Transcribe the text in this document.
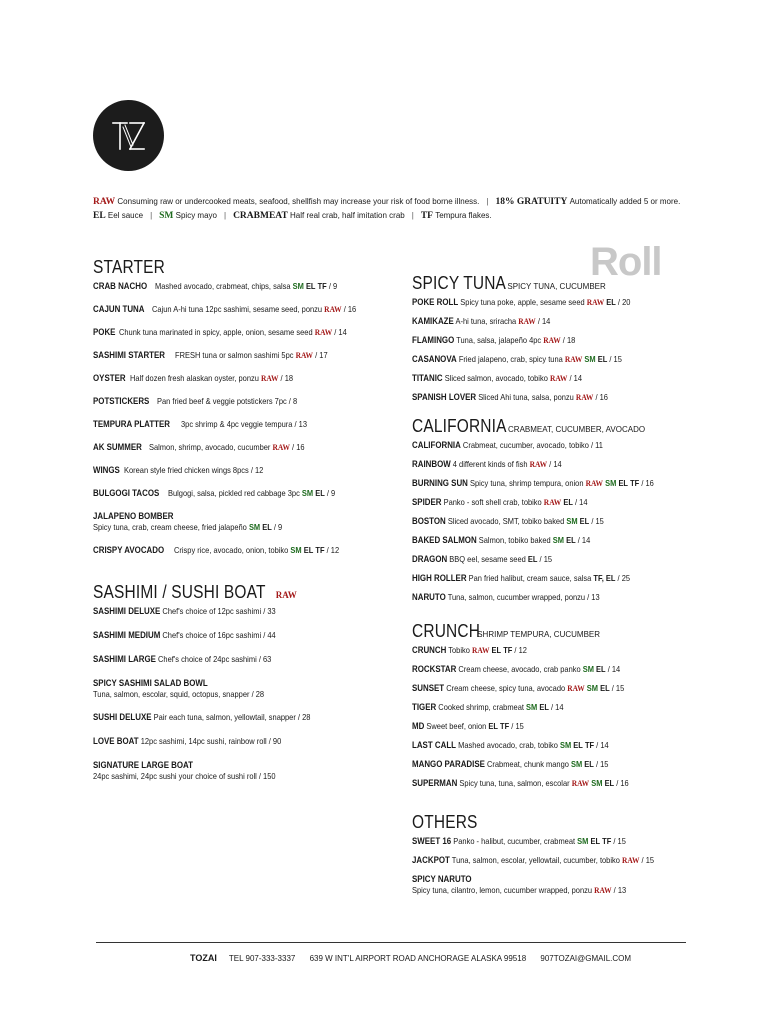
RAW Consuming raw or undercooked meats, seafood, shellfish may increase your risk of food borne illness. | 18% GRATUITY Automatically added 5 or more.
EL Eel sauce | SM Spicy mayo | CRABMEAT Half real crab, half imitation crab | TF Tempura flakes.
Roll
STARTER
CRAB NACHO Mashed avocado, crabmeat, chips, salsa SM EL TF / 9
CAJUN TUNA Cajun A-hi tuna 12pc sashimi, sesame seed, ponzu RAW / 16
POKE Chunk tuna marinated in spicy, apple, onion, sesame seed RAW / 14
SASHIMI STARTER FRESH tuna or salmon sashimi 5pc RAW / 17
OYSTER Half dozen fresh alaskan oyster, ponzu RAW / 18
POTSTICKERS Pan fried beef & veggie potstickers 7pc / 8
TEMPURA PLATTER 3pc shrimp & 4pc veggie tempura / 13
AK SUMMER Salmon, shrimp, avocado, cucumber RAW / 16
WINGS Korean style fried chicken wings 8pcs / 12
BULGOGI TACOS Bulgogi, salsa, pickled red cabbage 3pc SM EL / 9
JALAPENO BOMBER
Spicy tuna, crab, cream cheese, fried jalapeño SM EL / 9
CRISPY AVOCADO Crispy rice, avocado, onion, tobiko SM EL TF / 12
SASHIMI / SUSHI BOAT RAW
SASHIMI DELUXE Chef's choice of 12pc sashimi / 33
SASHIMI MEDIUM Chef's choice of 16pc sashimi / 44
SASHIMI LARGE Chef's choice of 24pc sashimi / 63
SPICY SASHIMI SALAD BOWL
Tuna, salmon, escolar, squid, octopus, snapper / 28
SUSHI DELUXE Pair each tuna, salmon, yellowtail, snapper / 28
LOVE BOAT 12pc sashimi, 14pc sushi, rainbow roll / 90
SIGNATURE LARGE BOAT
24pc sashimi, 24pc sushi your choice of sushi roll / 150
SPICY TUNASPICY TUNA, CUCUMBER
POKE ROLL Spicy tuna poke, apple, sesame seed RAW EL / 20
KAMIKAZE A-hi tuna, sriracha RAW / 14
FLAMINGO Tuna, salsa, jalapeño 4pc RAW / 18
CASANOVA Fried jalapeno, crab, spicy tuna RAW SM EL / 15
TITANIC Sliced salmon, avocado, tobiko RAW / 14
SPANISH LOVER Sliced Ahi tuna, salsa, ponzu RAW / 16
CALIFORNIACRABMEAT, CUCUMBER, AVOCADO
CALIFORNIA Crabmeat, cucumber, avocado, tobiko / 11
RAINBOW 4 different kinds of fish RAW / 14
BURNING SUN Spicy tuna, shrimp tempura, onion RAW SM EL TF / 16
SPIDER Panko - soft shell crab, tobiko RAW EL / 14
BOSTON Sliced avocado, SMT, tobiko baked SM EL / 15
BAKED SALMON Salmon, tobiko baked SM EL / 14
DRAGON BBQ eel, sesame seed EL / 15
HIGH ROLLER Pan fried halibut, cream sauce, salsa TF, EL / 25
NARUTO Tuna, salmon, cucumber wrapped, ponzu / 13
CRUNCHSHRIMP TEMPURA, CUCUMBER
CRUNCH Tobiko RAW EL TF / 12
ROCKSTAR Cream cheese, avocado, crab panko SM EL / 14
SUNSET Cream cheese, spicy tuna, avocado RAW SM EL / 15
TIGER Cooked shrimp, crabmeat SM EL / 14
MD Sweet beef, onion EL TF / 15
LAST CALL Mashed avocado, crab, tobiko SM EL TF / 14
MANGO PARADISE Crabmeat, chunk mango SM EL / 15
SUPERMAN Spicy tuna, tuna, salmon, escolar RAW SM EL / 16
OTHERS
SWEET 16 Panko - halibut, cucumber, crabmeat SM EL TF / 15
JACKPOT Tuna, salmon, escolar, yellowtail, cucumber, tobiko RAW / 15
SPICY NARUTO
Spicy tuna, cilantro, lemon, cucumber wrapped, ponzu RAW / 13
TOZAI TEL 907-333-3337 639 W INT'L AIRPORT ROAD ANCHORAGE ALASKA 99518 907TOZAI@GMAIL.COM
